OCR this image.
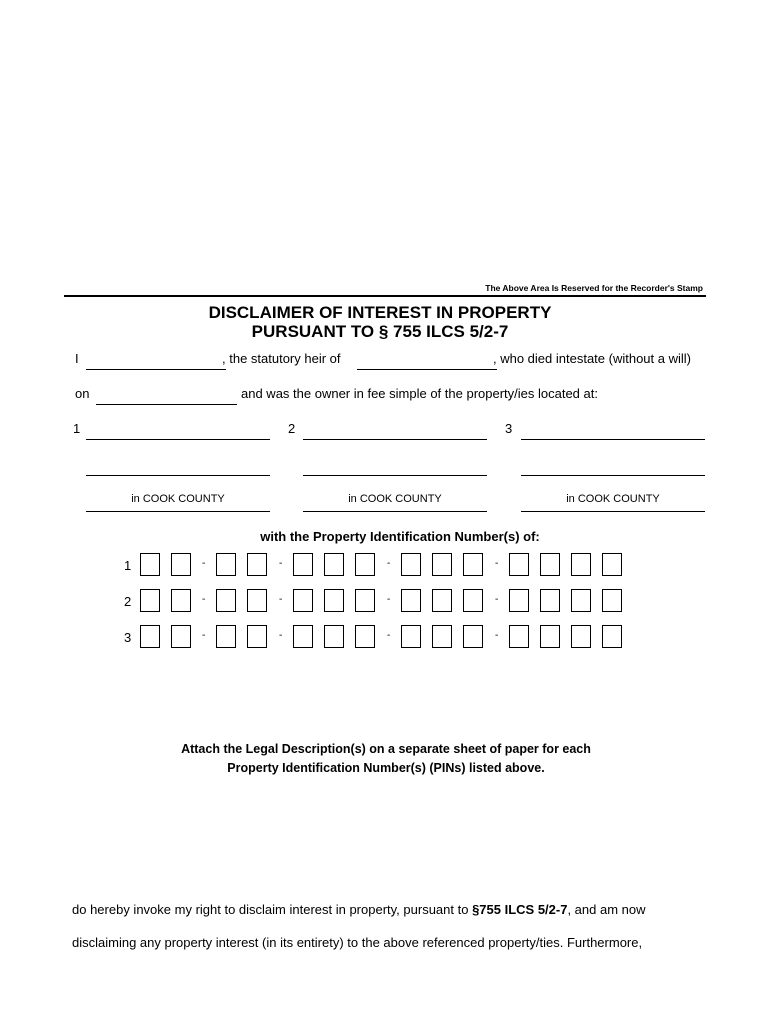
The Above Area Is Reserved for the Recorder's Stamp
DISCLAIMER OF INTEREST IN PROPERTY
PURSUANT TO § 755 ILCS 5/2-7
I	, the statutory heir of	, who died intestate (without a will)
on	and was the owner in fee simple of the property/ies located at:
1
in COOK COUNTY
2
in COOK COUNTY
3
in COOK COUNTY
with the Property Identification Number(s) of:
1	-	-	-	-
2	-	-	-	-
3	-	-	-	-
Attach the Legal Description(s) on a separate sheet of paper for each
Property Identification Number(s) (PINs) listed above.
do hereby invoke my right to disclaim interest in property, pursuant to §755 ILCS 5/2-7, and am now
disclaiming any property interest (in its entirety) to the above referenced property/ties. Furthermore,
